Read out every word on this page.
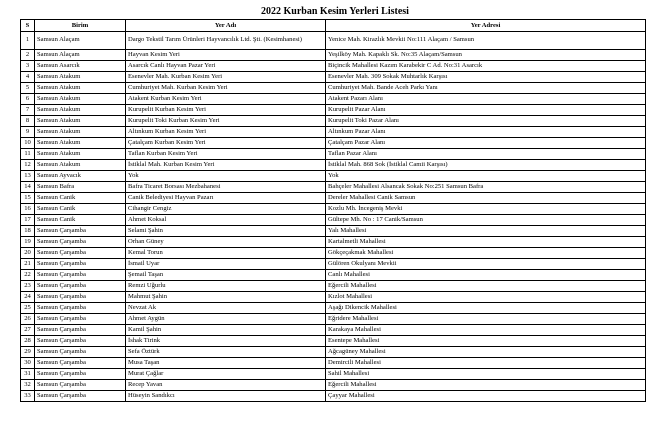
2022 Kurban Kesim Yerleri Listesi
S	Birim	Yer Adı	Yer Adresi
1	Samsun Alaçam	Dargo Tekstil Tarım Ürünleri Hayvancılık Ltd. Şti. (Kesimhanesi)	Yenice Mah. Kirazlık Mevkii No:111 Alaçam / Samsun
2	Samsun Alaçam	Hayvan Kesim Yeri	Yeşilköy Mah. Kapaklı Sk. No:35 Alaçam/Samsun
3	Samsun Asarcık	Asarcık Canlı Hayvan Pazar Yeri	Biçincik Mahallesi Kazım Karabekir C Ad. No:31 Asarcık
4	Samsun Atakum	Esenevler Mah. Kurban Kesim Yeri	Esenevler Mah. 309 Sokak Muhtarlık Karşısı
5	Samsun Atakum	Cumhuriyet Mah. Kurban Kesim Yeri	Cumhuriyet Mah. Bande Aceh Parkı Yanı
6	Samsun Atakum	Atakent Kurban Kesim Yeri	Atakent Pazarı Alanı
7	Samsun Atakum	Kurupelit Kurban Kesim Yeri	Kurupelit Pazar Alanı
8	Samsun Atakum	Kurupelit Toki Kurban Kesim Yeri	Kurupelit Toki Pazar Alanı
9	Samsun Atakum	Altınkum Kurban Kesim Yeri	Altınkum Pazar Alanı
10	Samsun Atakum	Çatalçam Kurban Kesim Yeri	Çatalçam Pazar Alanı
11	Samsun Atakum	Taflan Kurban Kesim Yeri	Taflan Pazar Alanı
12	Samsun Atakum	İstiklal Mah. Kurban Kesim Yeri	İstiklal Mah. 868 Sok (İstiklal Camii Karşısı)
13	Samsun Ayvacık	Yok	Yok
14	Samsun Bafra	Bafra Ticaret Borsası Mezbahanesi	Bahçeler Mahallesi Alsancak Sokak No:251 Samsun Bafra
15	Samsun Canik	Canik Belediyesi Hayvan Pazarı	Dereler Mahallesi Canik Samsun
16	Samsun Canik	Cihangir Cengiz	Kozlu Mh. İncegeniş Mevki
17	Samsun Canik	Ahmet Koksal	Gültepe Mh. No : 17 Canik/Samsun
18	Samsun Çarşamba	Selami Şahin	Yalı Mahallesi
19	Samsun Çarşamba	Orhan Güney	Kartalmetli Mahallesi
20	Samsun Çarşamba	Kemal Torun	Gökçeçakmak Mahallesi
21	Samsun Çarşamba	İsmail Uyar	Gülören Okulyanı Mevkii
22	Samsun Çarşamba	Şemail Taşan	Canlı Mahallesi
23	Samsun Çarşamba	Remzi Uğurlu	Eğercili Mahallesi
24	Samsun Çarşamba	Mahmut Şahin	Kızlot Mahallesi
25	Samsun Çarşamba	Nevzat Ak	Aşağı Dikencik Mahallesi
26	Samsun Çarşamba	Ahmet Aygün	Eğridere Mahallesi
27	Samsun Çarşamba	Kamil Şahin	Karakaya Mahallesi
28	Samsun Çarşamba	İshak Tirink	Esentepe Mahallesi
29	Samsun Çarşamba	Sefa Öztürk	Ağcagüney Mahallesi
30	Samsun Çarşamba	Musa Taşan	Demircili Mahallesi
31	Samsun Çarşamba	Murat Çağlar	Sahil Mahallesi
32	Samsun Çarşamba	Recep Yavan	Eğercili Mahallesi
33	Samsun Çarşamba	Hüseyin Sandıkcı	Çayyar Mahallesi
